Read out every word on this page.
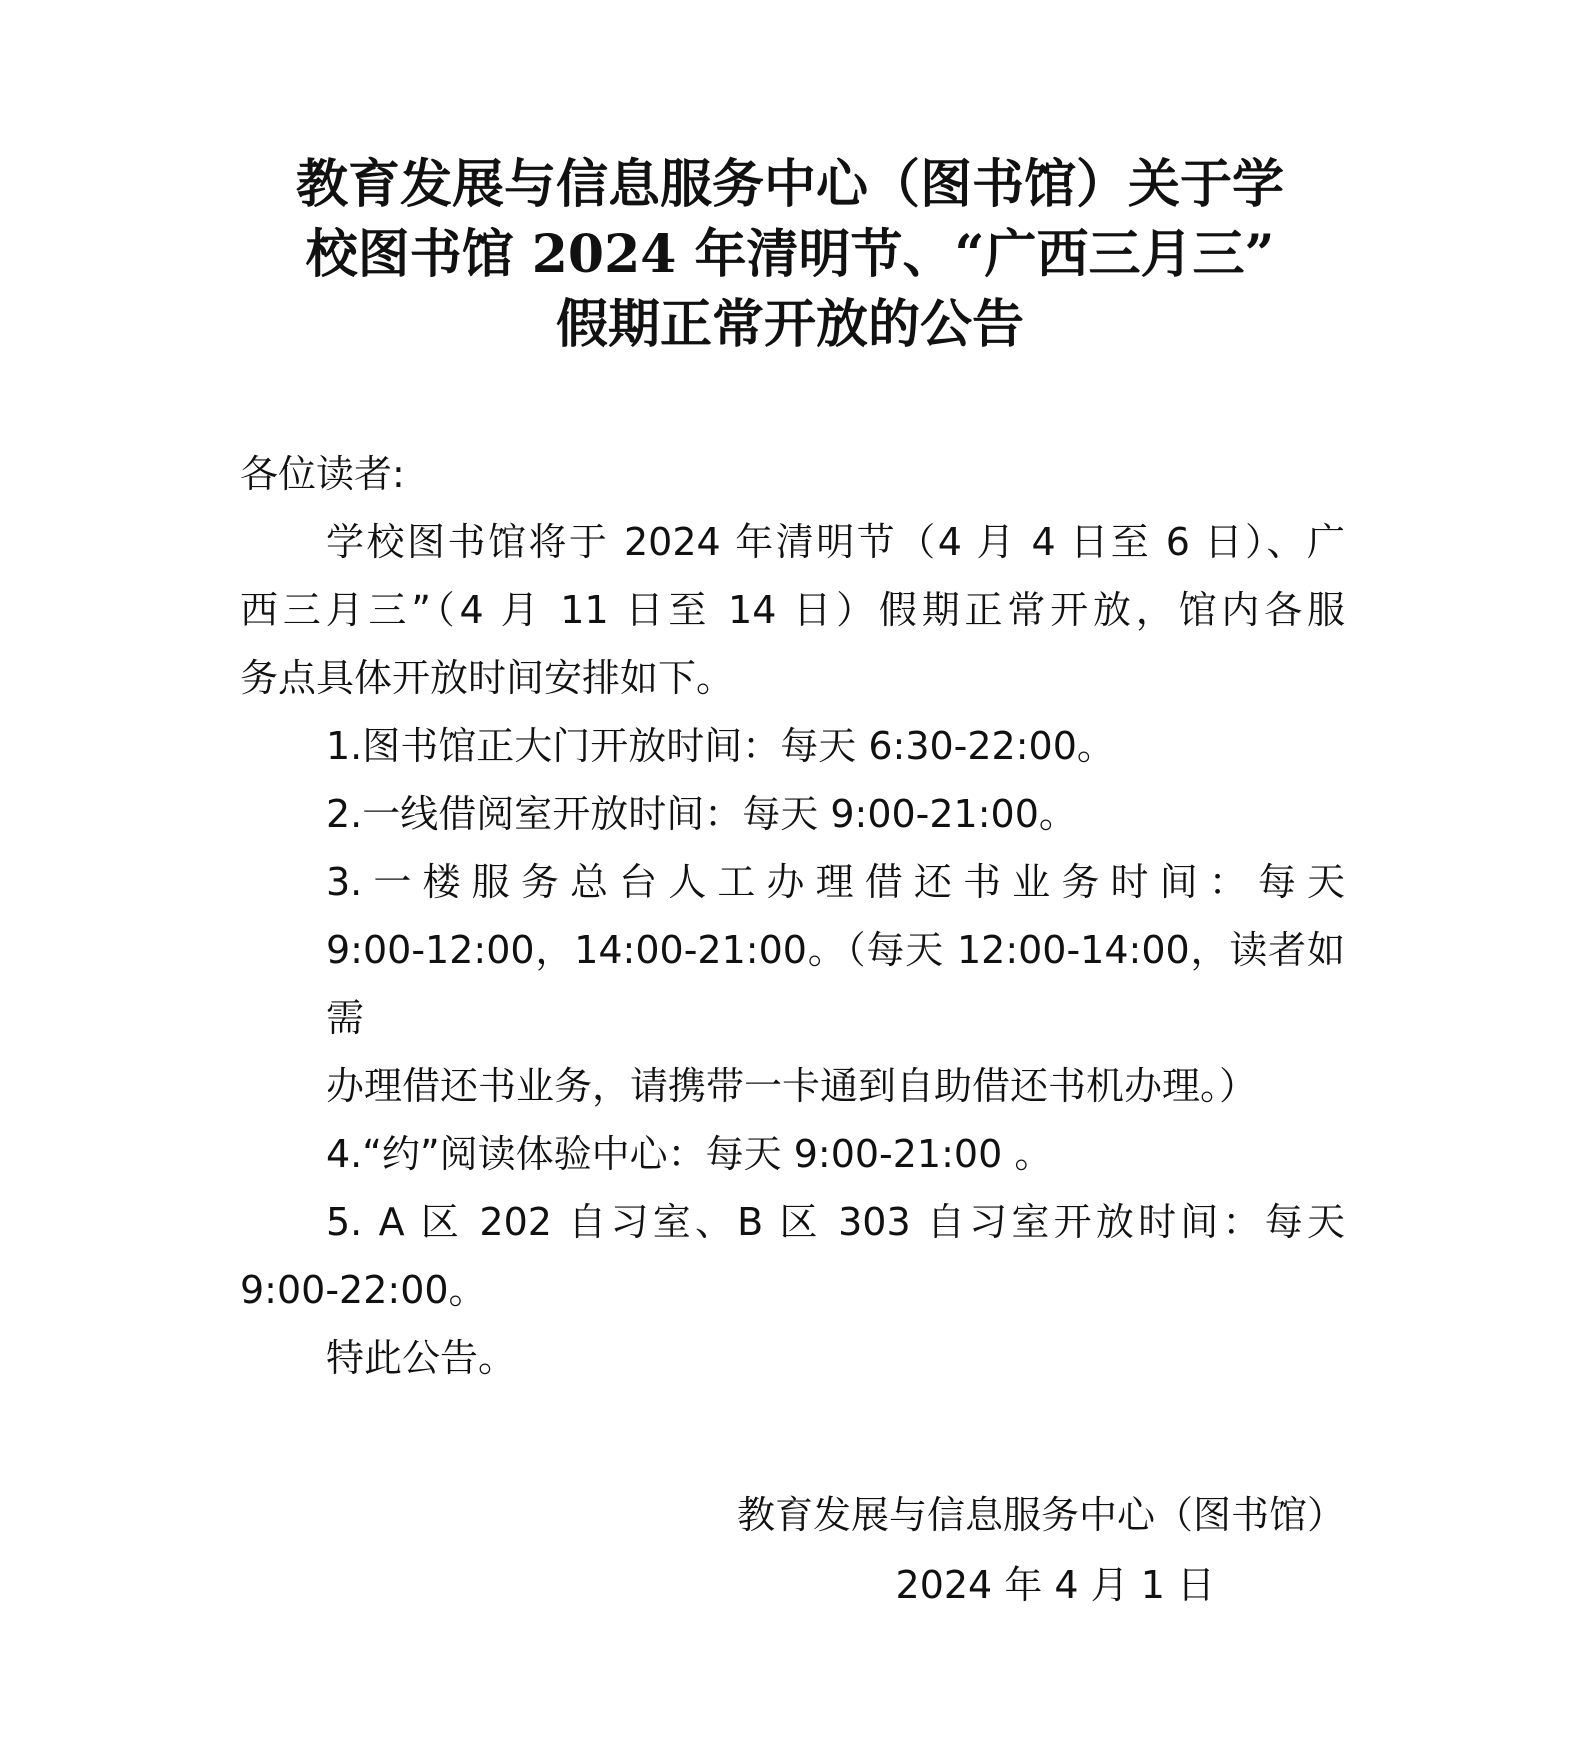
教育发展与信息服务中心（图书馆）关于学
校图书馆 2024 年清明节、“广西三月三”
假期正常开放的公告
各位读者:
学校图书馆将于 2024 年清明节（4 月 4 日至 6 日）、广
西三月三”（4 月 11 日至 14 日）假期正常开放，馆内各服
务点具体开放时间安排如下。
1.图书馆正大门开放时间：每天 6:30-22:00。
2.一线借阅室开放时间：每天 9:00-21:00。
3.一楼服务总台人工办理借还书业务时间：每天
9:00-12:00，14:00-21:00。（每天 12:00-14:00，读者如需
办理借还书业务，请携带一卡通到自助借还书机办理。）
4.“约”阅读体验中心：每天 9:00-21:00 。
5. A 区 202 自习室、B 区 303 自习室开放时间：每天
9:00-22:00。
特此公告。
教育发展与信息服务中心（图书馆）
2024 年 4 月 1 日
